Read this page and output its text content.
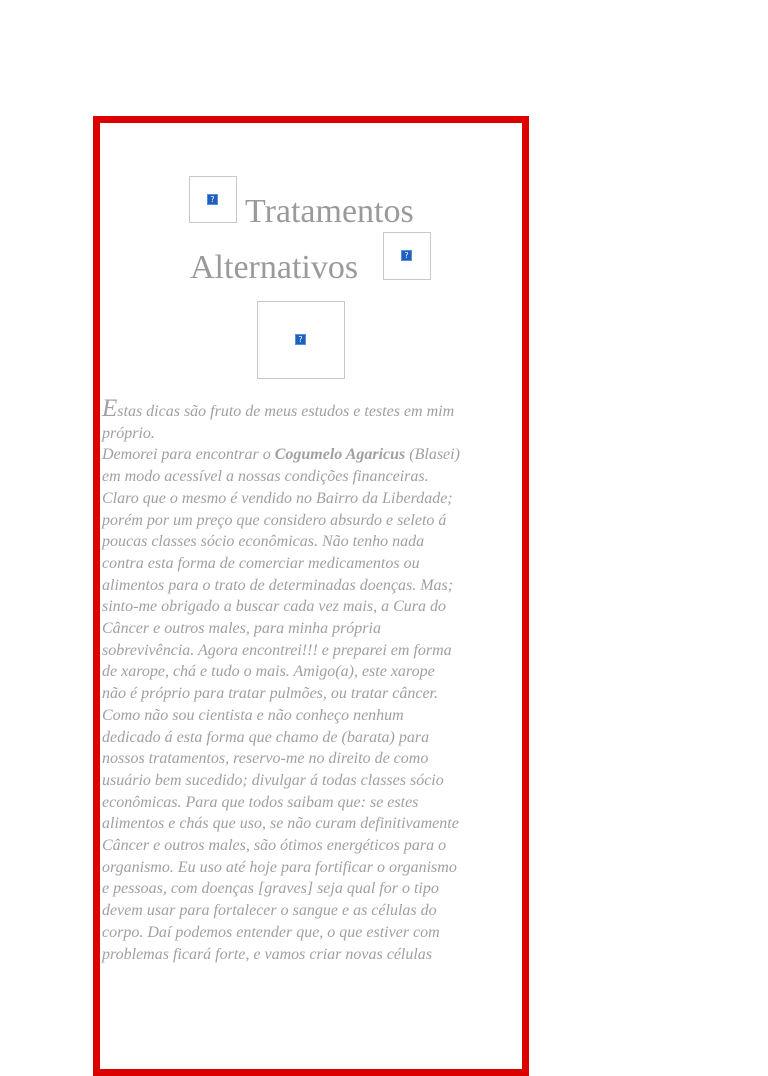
? Tratamentos
Alternativos	?
?
Estas dicas são fruto de meus estudos e testes em mim
próprio.
Demorei para encontrar o Cogumelo Agaricus (Blasei)
em modo acessível a nossas condições financeiras.
Claro que o mesmo é vendido no Bairro da Liberdade;
porém por um preço que considero absurdo e seleto á
poucas classes sócio econômicas. Não tenho nada
contra esta forma de comerciar medicamentos ou
alimentos para o trato de determinadas doenças. Mas;
sinto-me obrigado a buscar cada vez mais, a Cura do
Câncer e outros males, para minha própria
sobrevivência. Agora encontrei!!! e preparei em forma
de xarope, chá e tudo o mais. Amigo(a), este xarope
não é próprio para tratar pulmões, ou tratar câncer.
Como não sou cientista e não conheço nenhum
dedicado á esta forma que chamo de (barata) para
nossos tratamentos, reservo-me no direito de como
usuário bem sucedido; divulgar á todas classes sócio
econômicas. Para que todos saibam que: se estes
alimentos e chás que uso, se não curam definitivamente
Câncer e outros males, são ótimos energéticos para o
organismo. Eu uso até hoje para fortificar o organismo
e pessoas, com doenças [graves] seja qual for o tipo
devem usar para fortalecer o sangue e as células do
corpo. Daí podemos entender que, o que estiver com
problemas ficará forte, e vamos criar novas células
